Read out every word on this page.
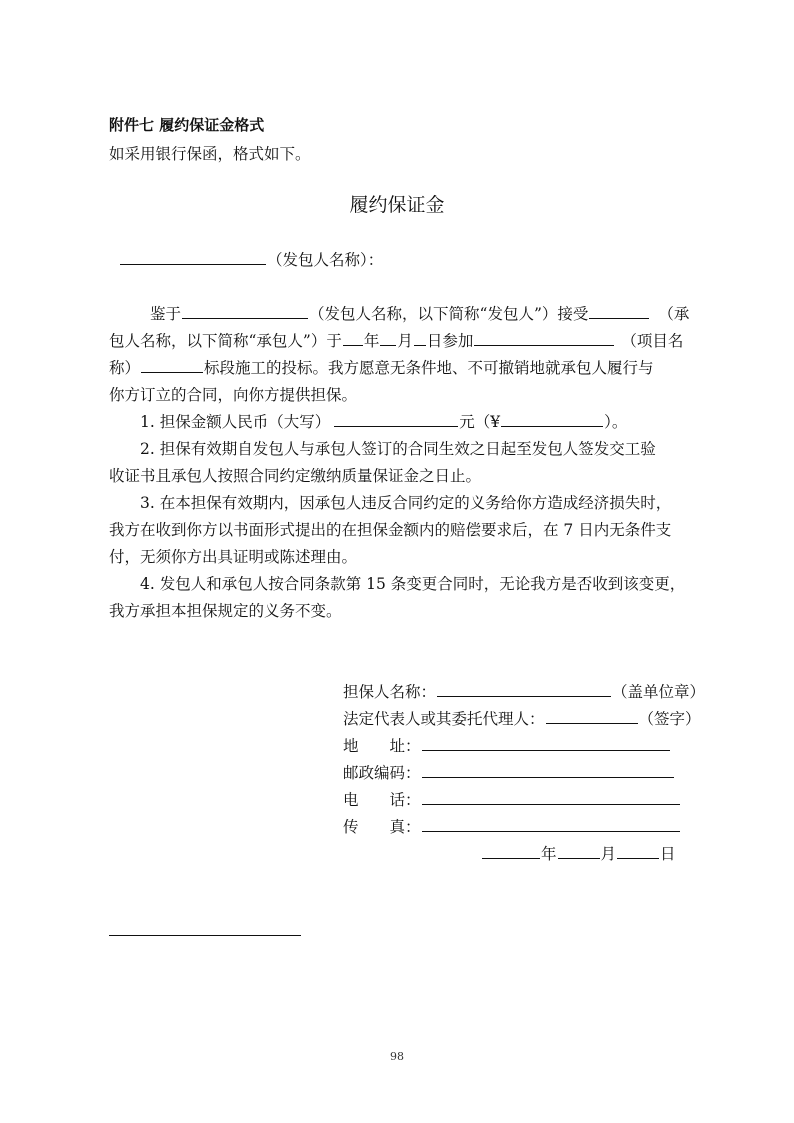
附件七 履约保证金格式
如采用银行保函，格式如下。
履约保证金
（发包人名称）：
鉴于	（发包人名称，以下简称“发包人”）接受	（承
包人名称，以下简称“承包人”）于 年 月 日参加	（项目名
称）	标段施工的投标。我方愿意无条件地、不可撤销地就承包人履行与
你方订立的合同，向你方提供担保。
1. 担保金额人民币（大写）	元（¥	）。
2. 担保有效期自发包人与承包人签订的合同生效之日起至发包人签发交工验
收证书且承包人按照合同约定缴纳质量保证金之日止。
3. 在本担保有效期内，因承包人违反合同约定的义务给你方造成经济损失时，
我方在收到你方以书面形式提出的在担保金额内的赔偿要求后，在 7 日内无条件支
付，无须你方出具证明或陈述理由。
4. 发包人和承包人按合同条款第 15 条变更合同时，无论我方是否收到该变更，
我方承担本担保规定的义务不变。
担保人名称：	（盖单位章）
法定代表人或其委托代理人：	（签字）
地　　址：
邮政编码：
电　　话：
传　　真：
年	月	日
98
